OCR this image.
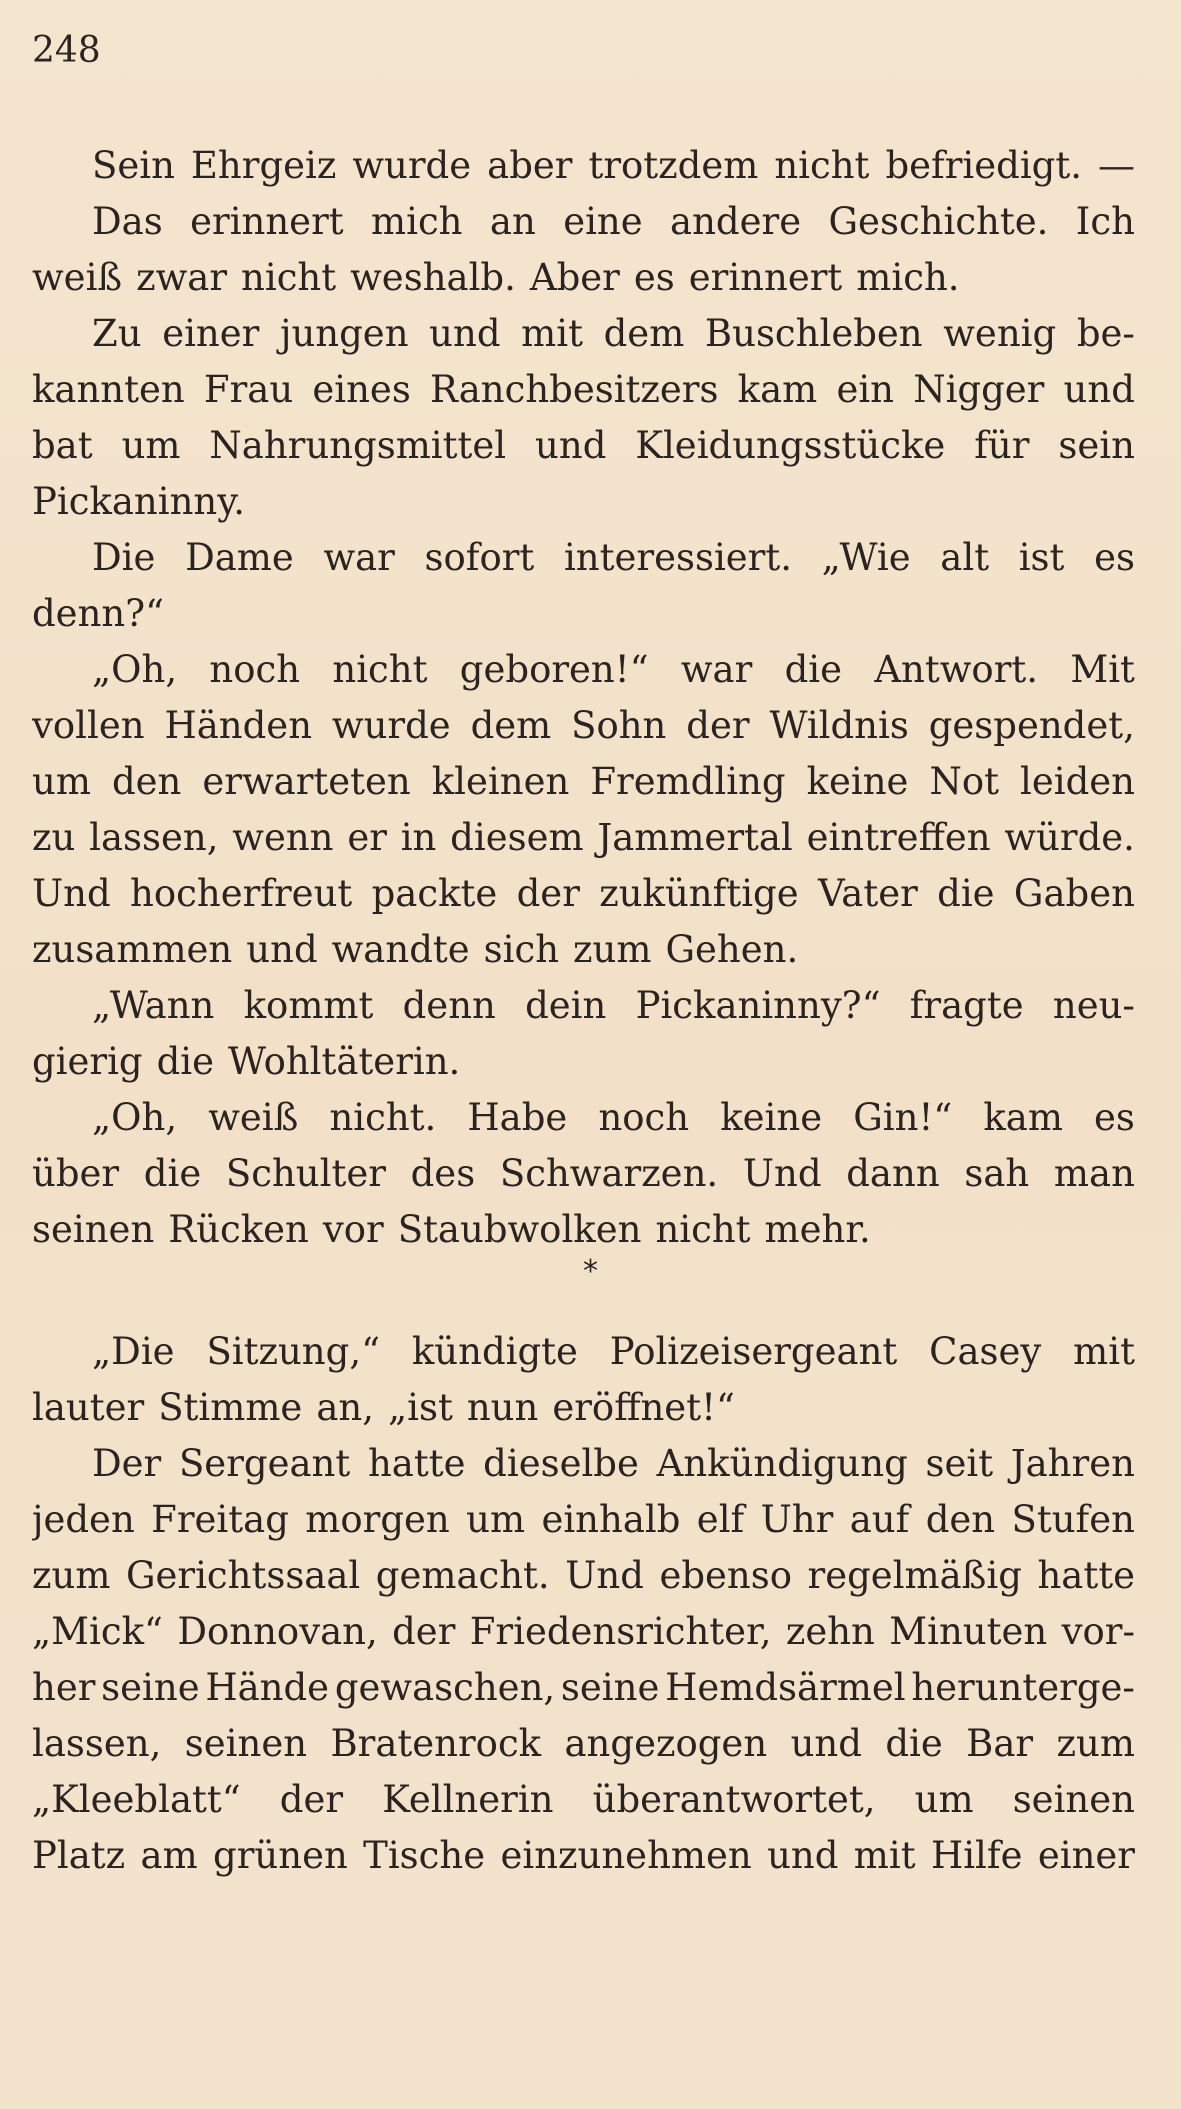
248
Sein Ehrgeiz wurde aber trotzdem nicht befriedigt. —
Das erinnert mich an eine andere Geschichte. Ich
weiß zwar nicht weshalb. Aber es erinnert mich.
Zu einer jungen und mit dem Buschleben wenig be-
kannten Frau eines Ranchbesitzers kam ein Nigger und
bat um Nahrungsmittel und Kleidungsstücke für sein
Pickaninny.
Die Dame war sofort interessiert. „Wie alt ist es
denn?“
„Oh, noch nicht geboren!“ war die Antwort. Mit
vollen Händen wurde dem Sohn der Wildnis gespendet,
um den erwarteten kleinen Fremdling keine Not leiden
zu lassen, wenn er in diesem Jammertal eintreffen würde.
Und hocherfreut packte der zukünftige Vater die Gaben
zusammen und wandte sich zum Gehen.
„Wann kommt denn dein Pickaninny?“ fragte neu-
gierig die Wohltäterin.
„Oh, weiß nicht. Habe noch keine Gin!“ kam es
über die Schulter des Schwarzen. Und dann sah man
seinen Rücken vor Staubwolken nicht mehr.
*
„Die Sitzung,“ kündigte Polizeisergeant Casey mit
lauter Stimme an, „ist nun eröffnet!“
Der Sergeant hatte dieselbe Ankündigung seit Jahren
jeden Freitag morgen um einhalb elf Uhr auf den Stufen
zum Gerichtssaal gemacht. Und ebenso regelmäßig hatte
„Mick“ Donnovan, der Friedensrichter, zehn Minuten vor-
her seine Hände gewaschen, seine Hemdsärmel herunterge-
lassen, seinen Bratenrock angezogen und die Bar zum
„Kleeblatt“ der Kellnerin überantwortet, um seinen
Platz am grünen Tische einzunehmen und mit Hilfe einer
